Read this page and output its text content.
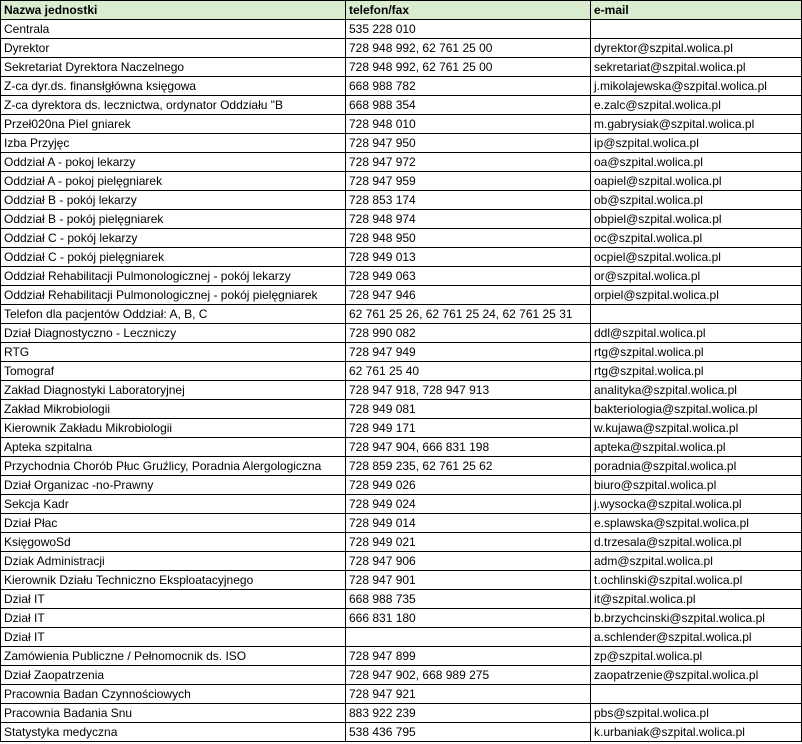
Nazwa jednostki	telefon/fax	e-mail
Centrala	535 228 010	
Dyrektor	728 948 992, 62 761 25 00	dyrektor@szpital.wolica.pl
Sekretariat Dyrektora Naczelnego	728 948 992, 62 761 25 00	sekretariat@szpital.wolica.pl
Z-ca dyr.ds. finansłgłówna księgowa	668 988 782	j.mikolajewska@szpital.wolica.pl
Z-ca dyrektora ds. lecznictwa, ordynator Oddziału "B	668 988 354	e.zalc@szpital.wolica.pl
Przeł020na Piel gniarek	728 948 010	m.gabrysiak@szpital.wolica.pl
Izba Przyjęc	728 947 950	ip@szpital.wolica.pl
Oddział A - pokoj lekarzy	728 947 972	oa@szpital.wolica.pl
Oddział A - pokoj pielęgniarek	728 947 959	oapiel@szpital.wolica.pl
Oddział B - pokój lekarzy	728 853 174	ob@szpital.wolica.pl
Oddział B - pokój pielęgniarek	728 948 974	obpiel@szpital.wolica.pl
Oddział C - pokój lekarzy	728 948 950	oc@szpital.wolica.pl
Oddział C - pokój pielęgniarek	728 949 013	ocpiel@szpital.wolica.pl
Oddział Rehabilitacji Pulmonologicznej - pokój lekarzy	728 949 063	or@szpital.wolica.pl
Oddział Rehabilitacji Pulmonologicznej - pokój pielęgniarek	728 947 946	orpiel@szpital.wolica.pl
Telefon dla pacjentów Oddział: A, B, C	62 761 25 26, 62 761 25 24, 62 761 25 31	
Dział Diagnostyczno - Leczniczy	728 990 082	ddl@szpital.wolica.pl
RTG	728 947 949	rtg@szpital.wolica.pl
Tomograf	62 761 25 40	rtg@szpital.wolica.pl
Zakład Diagnostyki Laboratoryjnej	728 947 918, 728 947 913	analityka@szpital.wolica.pl
Zakład Mikrobiologii	728 949 081	bakteriologia@szpital.wolica.pl
Kierownik Zakładu Mikrobiologii	728 949 171	w.kujawa@szpital.wolica.pl
Apteka szpitalna	728 947 904, 666 831 198	apteka@szpital.wolica.pl
Przychodnia Chorób Płuc Gruźlicy, Poradnia Alergologiczna	728 859 235, 62 761 25 62	poradnia@szpital.wolica.pl
Dział Organizac -no-Prawny	728 949 026	biuro@szpital.wolica.pl
Sekcja Kadr	728 949 024	j.wysocka@szpital.wolica.pl
Dział Płac	728 949 014	e.splawska@szpital.wolica.pl
KsięgowoSd	728 949 021	d.trzesala@szpital.wolica.pl
Dziak Administracji	728 947 906	adm@szpital.wolica.pl
Kierownik Działu Techniczno Eksploatacyjnego	728 947 901	t.ochlinski@szpital.wolica.pl
Dział IT	668 988 735	it@szpital.wolica.pl
Dział IT	666 831 180	b.brzychcinski@szpital.wolica.pl
Dział IT		a.schlender@szpital.wolica.pl
Zamówienia Publiczne / Pełnomocnik ds. ISO	728 947 899	zp@szpital.wolica.pl
Dział Zaopatrzenia	728 947 902, 668 989 275	zaopatrzenie@szpital.wolica.pl
Pracownia Badan Czynnościowych	728 947 921	
Pracownia Badania Snu	883 922 239	pbs@szpital.wolica.pl
Statystyka medyczna	538 436 795	k.urbaniak@szpital.wolica.pl
